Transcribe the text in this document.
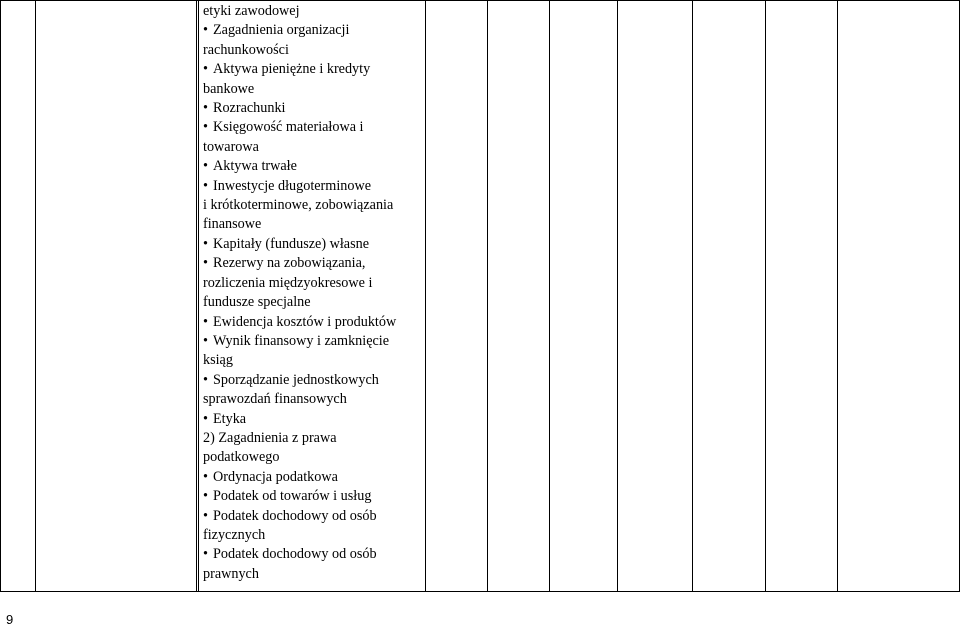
etyki zawodowej
• Zagadnienia organizacji
rachunkowości
• Aktywa pieniężne i kredyty
bankowe
• Rozrachunki
• Księgowość materiałowa i
towarowa
• Aktywa trwałe
• Inwestycje długoterminowe
i krótkoterminowe, zobowiązania
finansowe
• Kapitały (fundusze) własne
• Rezerwy na zobowiązania,
rozliczenia międzyokresowe i
fundusze specjalne
• Ewidencja kosztów i produktów
• Wynik finansowy i zamknięcie
ksiąg
• Sporządzanie jednostkowych
sprawozdań finansowych
• Etyka
2) Zagadnienia z prawa
podatkowego
• Ordynacja podatkowa
• Podatek od towarów i usług
• Podatek dochodowy od osób
fizycznych
• Podatek dochodowy od osób
prawnych
9
